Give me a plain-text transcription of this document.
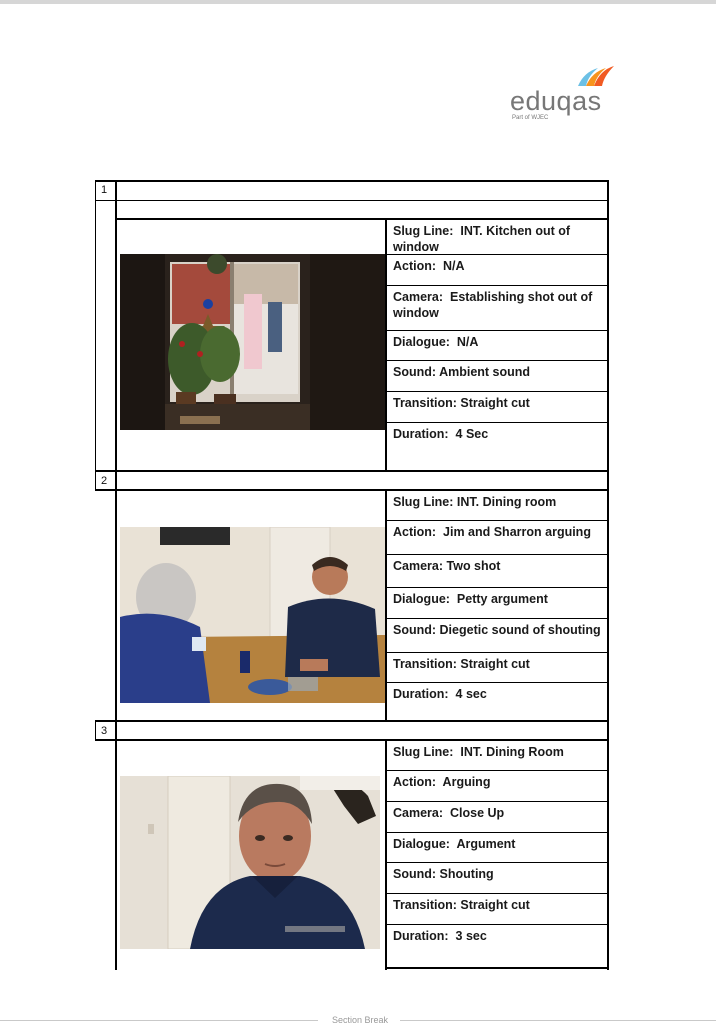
eduqas
Part of WJEC
1
Slug Line: INT. Kitchen out of window
Action: N/A
Camera: Establishing shot out of window
Dialogue: N/A
Sound: Ambient sound
Transition: Straight cut
Duration: 4 Sec
2
Slug Line: INT. Dining room
Action: Jim and Sharron arguing
Camera: Two shot
Dialogue: Petty argument
Sound: Diegetic sound of shouting
Transition: Straight cut
Duration: 4 sec
3
Slug Line: INT. Dining Room
Action: Arguing
Camera: Close Up
Dialogue: Argument
Sound: Shouting
Transition: Straight cut
Duration: 3 sec
Section Break
